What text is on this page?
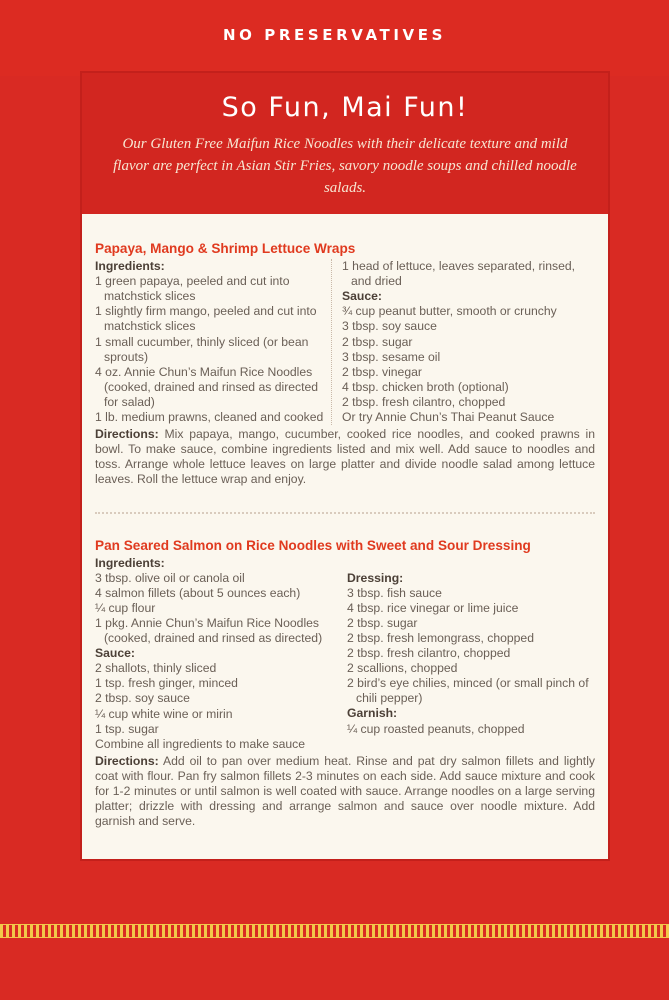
NO PRESERVATIVES
So Fun, Mai Fun!
Our Gluten Free Maifun Rice Noodles with their delicate texture and mild flavor are perfect in Asian Stir Fries, savory noodle soups and chilled noodle salads.
Papaya, Mango & Shrimp Lettuce Wraps
Ingredients:
1 green papaya, peeled and cut into matchstick slices
1 slightly firm mango, peeled and cut into matchstick slices
1 small cucumber, thinly sliced (or bean sprouts)
4 oz. Annie Chun’s Maifun Rice Noodles (cooked, drained and rinsed as directed for salad)
1 lb. medium prawns, cleaned and cooked
1 head of lettuce, leaves separated, rinsed, and dried
Sauce:
¾ cup peanut butter, smooth or crunchy
3 tbsp. soy sauce
2 tbsp. sugar
3 tbsp. sesame oil
2 tbsp. vinegar
4 tbsp. chicken broth (optional)
2 tbsp. fresh cilantro, chopped
Or try Annie Chun’s Thai Peanut Sauce
Directions: Mix papaya, mango, cucumber, cooked rice noodles, and cooked prawns in bowl. To make sauce, combine ingredients listed and mix well. Add sauce to noodles and toss. Arrange whole lettuce leaves on large platter and divide noodle salad among lettuce leaves. Roll the lettuce wrap and enjoy.
Pan Seared Salmon on Rice Noodles with Sweet and Sour Dressing
Ingredients:
3 tbsp. olive oil or canola oil
4 salmon fillets (about 5 ounces each)
¼ cup flour
1 pkg. Annie Chun’s Maifun Rice Noodles (cooked, drained and rinsed as directed)
Sauce:
2 shallots, thinly sliced
1 tsp. fresh ginger, minced
2 tbsp. soy sauce
¼ cup white wine or mirin
1 tsp. sugar
Combine all ingredients to make sauce
Dressing:
3 tbsp. fish sauce
4 tbsp. rice vinegar or lime juice
2 tbsp. sugar
2 tbsp. fresh lemongrass, chopped
2 tbsp. fresh cilantro, chopped
2 scallions, chopped
2 bird’s eye chilies, minced (or small pinch of chili pepper)
Garnish:
¼ cup roasted peanuts, chopped
Directions: Add oil to pan over medium heat. Rinse and pat dry salmon fillets and lightly coat with flour. Pan fry salmon fillets 2-3 minutes on each side. Add sauce mixture and cook for 1-2 minutes or until salmon is well coated with sauce. Arrange noodles on a large serving platter; drizzle with dressing and arrange salmon and sauce over noodle mixture. Add garnish and serve.
